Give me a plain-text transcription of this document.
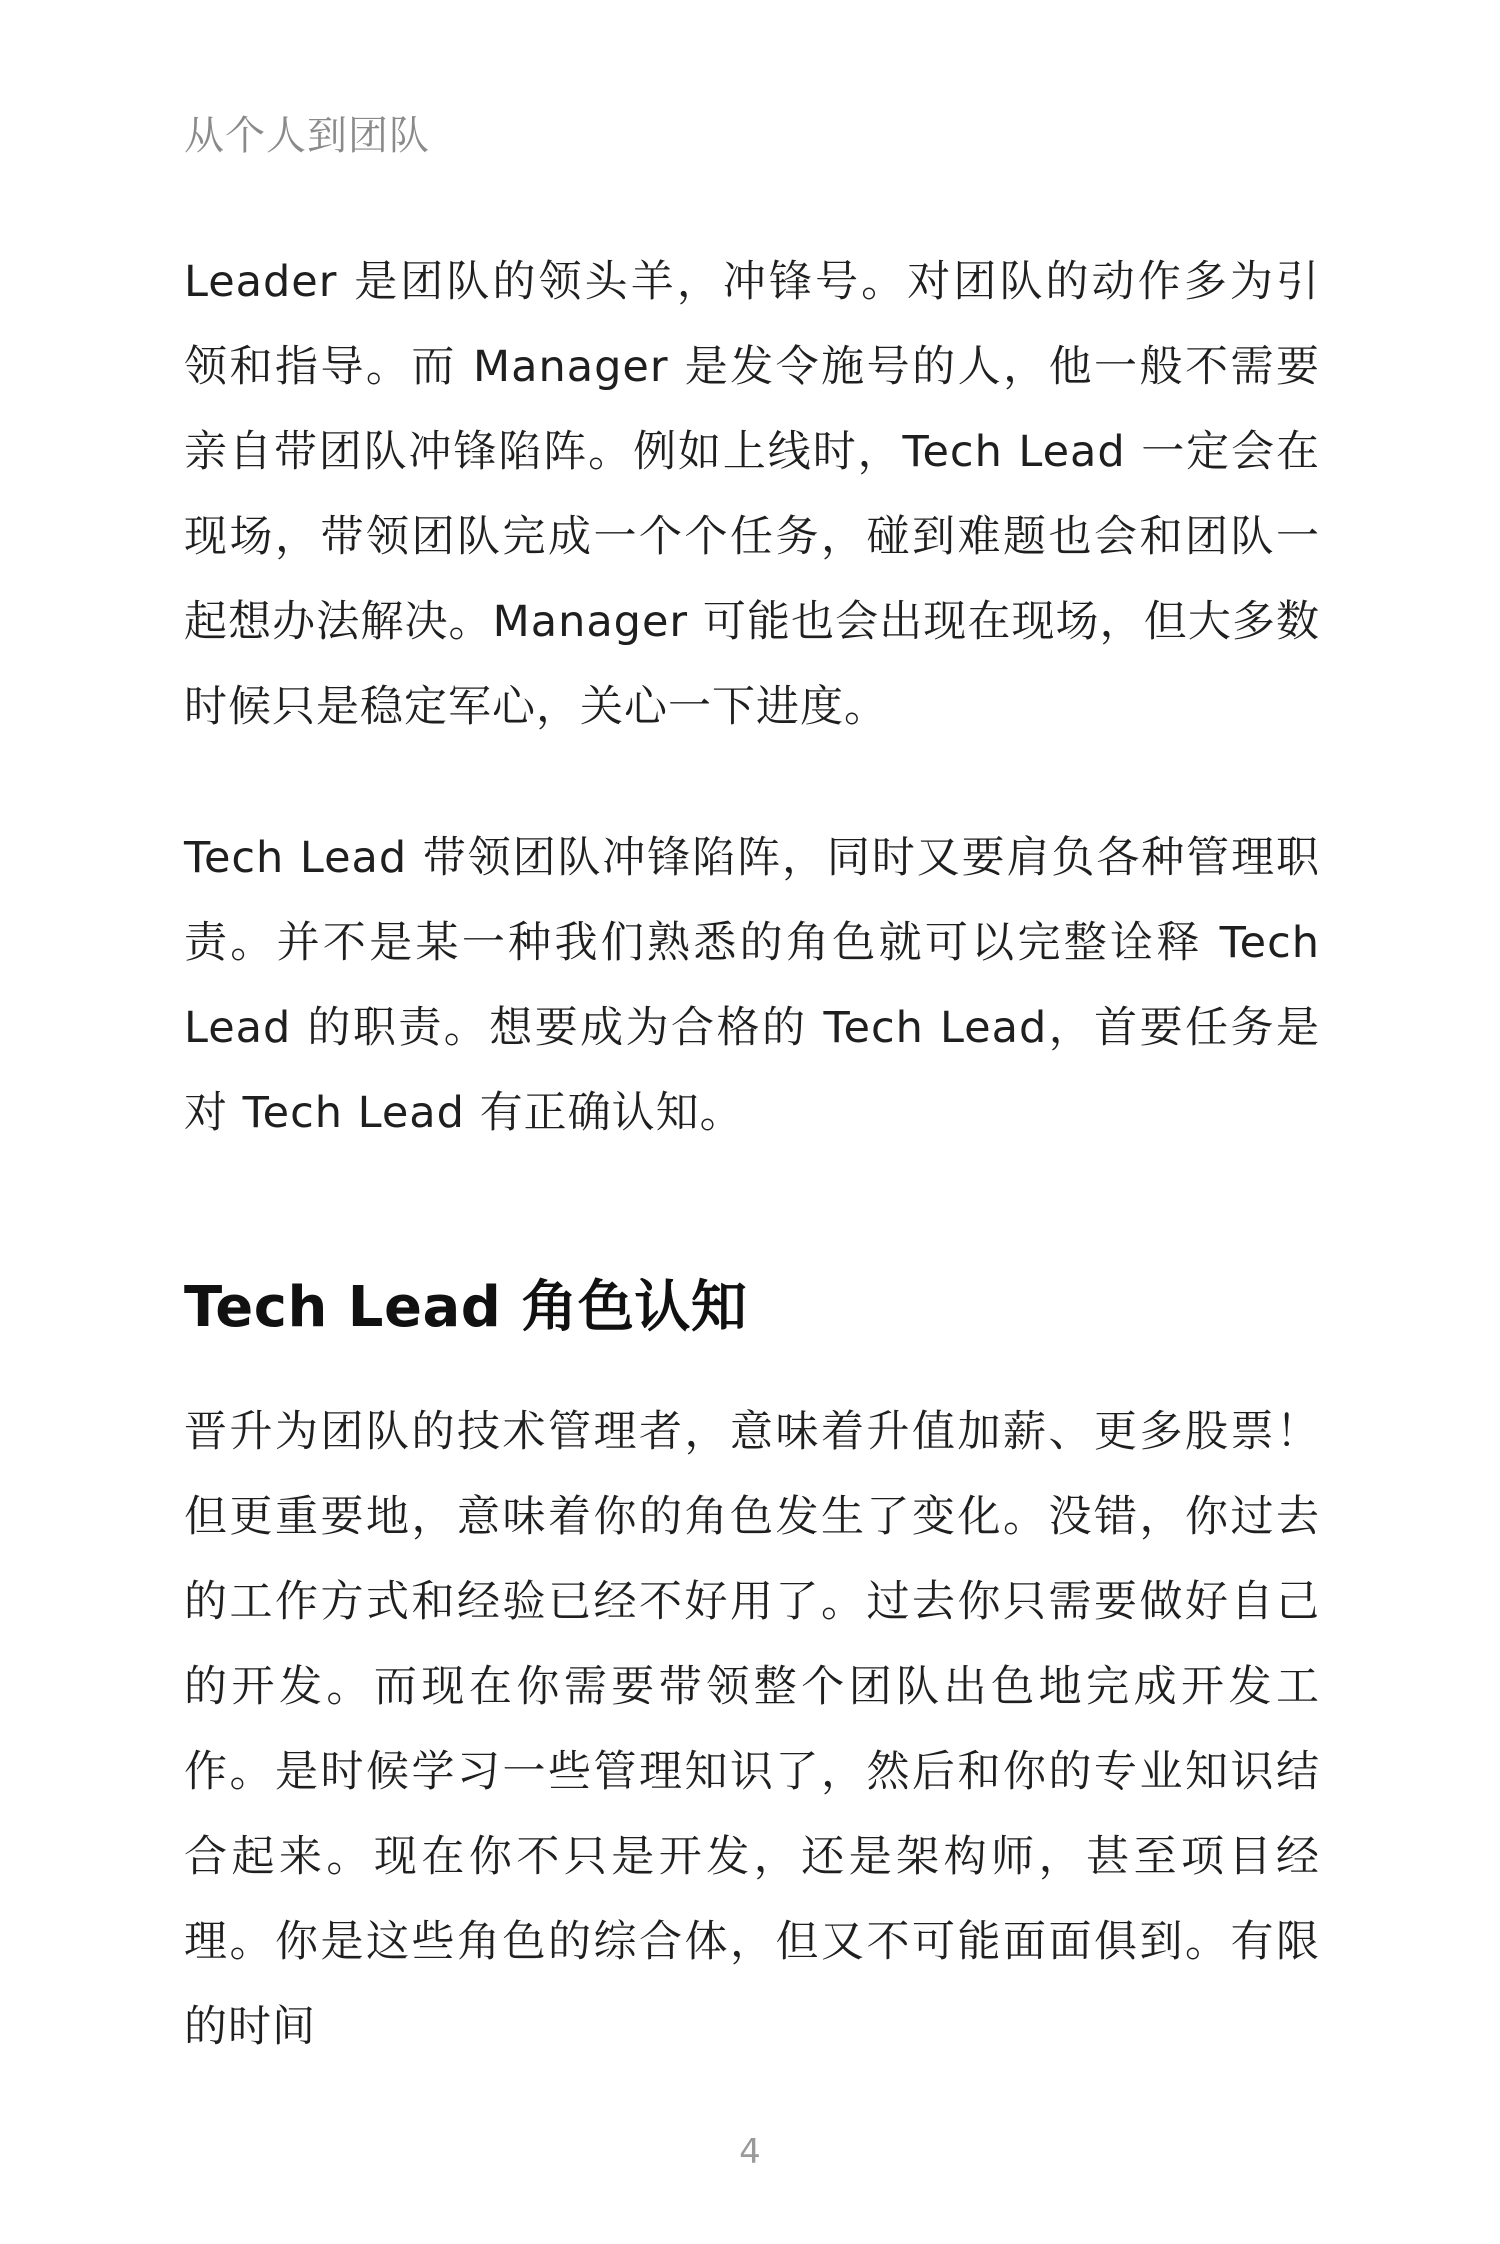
从个人到团队

Leader 是团队的领头羊，冲锋号。对团队的动作多为引领和指导。而 Manager 是发令施号的人，他一般不需要亲自带团队冲锋陷阵。例如上线时，Tech Lead 一定会在现场，带领团队完成一个个任务，碰到难题也会和团队一起想办法解决。Manager 可能也会出现在现场，但大多数时候只是稳定军心，关心一下进度。

Tech Lead 带领团队冲锋陷阵，同时又要肩负各种管理职责。并不是某一种我们熟悉的角色就可以完整诠释 Tech Lead 的职责。想要成为合格的 Tech Lead，首要任务是对 Tech Lead 有正确认知。

Tech Lead 角色认知

晋升为团队的技术管理者，意味着升值加薪、更多股票！但更重要地，意味着你的角色发生了变化。没错，你过去的工作方式和经验已经不好用了。过去你只需要做好自己的开发。而现在你需要带领整个团队出色地完成开发工作。是时候学习一些管理知识了，然后和你的专业知识结合起来。现在你不只是开发，还是架构师，甚至项目经理。你是这些角色的综合体，但又不可能面面俱到。有限的时间

4
